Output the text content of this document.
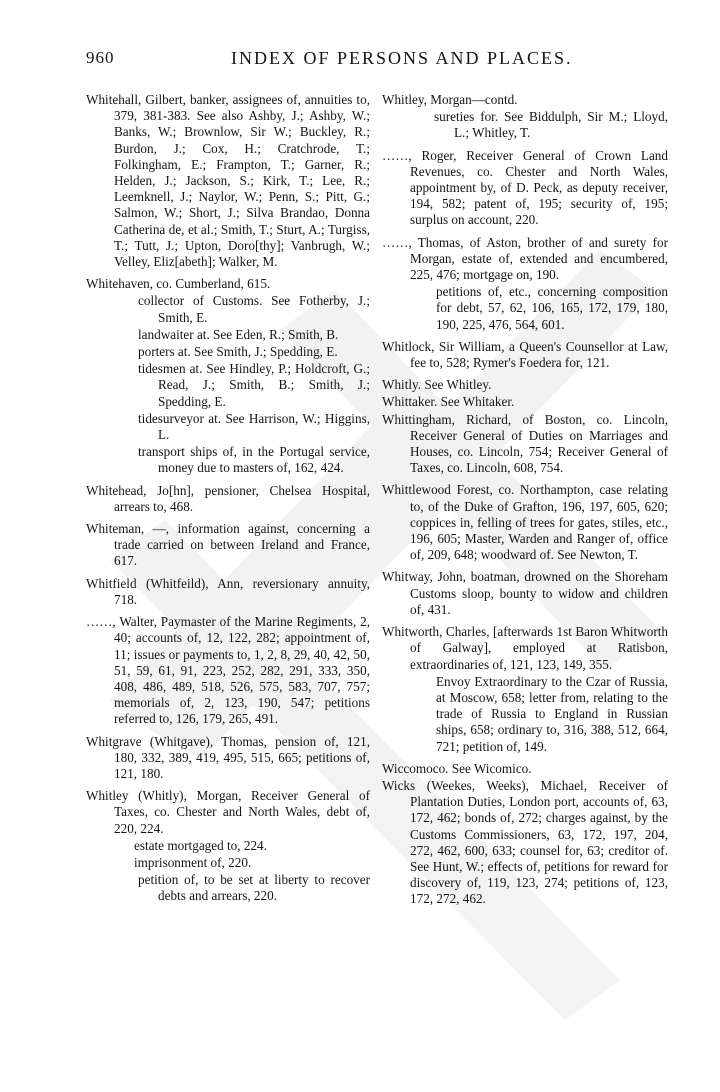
960	INDEX OF PERSONS AND PLACES.

Whitehall, Gilbert, banker, assignees of, annuities to, 379, 381-383. See also Ashby, J.; Ashby, W.; Banks, W.; Brownlow, Sir W.; Buckley, R.; Burdon, J.; Cox, H.; Cratchrode, T.; Folkingham, E.; Frampton, T.; Garner, R.; Helden, J.; Jackson, S.; Kirk, T.; Lee, R.; Leemknell, J.; Naylor, W.; Penn, S.; Pitt, G.; Salmon, W.; Short, J.; Silva Brandao, Donna Catherina de, et al.; Smith, T.; Sturt, A.; Turgiss, T.; Tutt, J.; Upton, Doro[thy]; Vanbrugh, W.; Velley, Eliz[abeth]; Walker, M.

Whitehaven, co. Cumberland, 615.

collector of Customs. See Fotherby, J.; Smith, E.

landwaiter at. See Eden, R.; Smith, B.

porters at. See Smith, J.; Spedding, E.

tidesmen at. See Hindley, P.; Holdcroft, G.; Read, J.; Smith, B.; Smith, J.; Spedding, E.

tidesurveyor at. See Harrison, W.; Higgins, L.

transport ships of, in the Portugal service, money due to masters of, 162, 424.

Whitehead, Jo[hn], pensioner, Chelsea Hospital, arrears to, 468.

Whiteman, —, information against, concerning a trade carried on between Ireland and France, 617.

Whitfield (Whitfeild), Ann, reversionary annuity, 718.

……, Walter, Paymaster of the Marine Regiments, 2, 40; accounts of, 12, 122, 282; appointment of, 11; issues or payments to, 1, 2, 8, 29, 40, 42, 50, 51, 59, 61, 91, 223, 252, 282, 291, 333, 350, 408, 486, 489, 518, 526, 575, 583, 707, 757; memorials of, 2, 123, 190, 547; petitions referred to, 126, 179, 265, 491.

Whitgrave (Whitgave), Thomas, pension of, 121, 180, 332, 389, 419, 495, 515, 665; petitions of, 121, 180.

Whitley (Whitly), Morgan, Receiver General of Taxes, co. Chester and North Wales, debt of, 220, 224.

estate mortgaged to, 224.

imprisonment of, 220.

petition of, to be set at liberty to recover debts and arrears, 220.

Whitley, Morgan—contd.

sureties for. See Biddulph, Sir M.; Lloyd, L.; Whitley, T.

……, Roger, Receiver General of Crown Land Revenues, co. Chester and North Wales, appointment by, of D. Peck, as deputy receiver, 194, 582; patent of, 195; security of, 195; surplus on account, 220.

……, Thomas, of Aston, brother of and surety for Morgan, estate of, extended and encumbered, 225, 476; mortgage on, 190.

petitions of, etc., concerning composition for debt, 57, 62, 106, 165, 172, 179, 180, 190, 225, 476, 564, 601.

Whitlock, Sir William, a Queen's Counsellor at Law, fee to, 528; Rymer's Foedera for, 121.

Whitly. See Whitley.

Whittaker. See Whitaker.

Whittingham, Richard, of Boston, co. Lincoln, Receiver General of Duties on Marriages and Houses, co. Lincoln, 754; Receiver General of Taxes, co. Lincoln, 608, 754.

Whittlewood Forest, co. Northampton, case relating to, of the Duke of Grafton, 196, 197, 605, 620; coppices in, felling of trees for gates, stiles, etc., 196, 605; Master, Warden and Ranger of, office of, 209, 648; woodward of. See Newton, T.

Whitway, John, boatman, drowned on the Shoreham Customs sloop, bounty to widow and children of, 431.

Whitworth, Charles, [afterwards 1st Baron Whitworth of Galway], employed at Ratisbon, extraordinaries of, 121, 123, 149, 355.

Envoy Extraordinary to the Czar of Russia, at Moscow, 658; letter from, relating to the trade of Russia to England in Russian ships, 658; ordinary to, 316, 388, 512, 664, 721; petition of, 149.

Wiccomoco. See Wicomico.

Wicks (Weekes, Weeks), Michael, Receiver of Plantation Duties, London port, accounts of, 63, 172, 462; bonds of, 272; charges against, by the Customs Commissioners, 63, 172, 197, 204, 272, 462, 600, 633; counsel for, 63; creditor of. See Hunt, W.; effects of, petitions for reward for discovery of, 119, 123, 274; petitions of, 123, 172, 272, 462.
